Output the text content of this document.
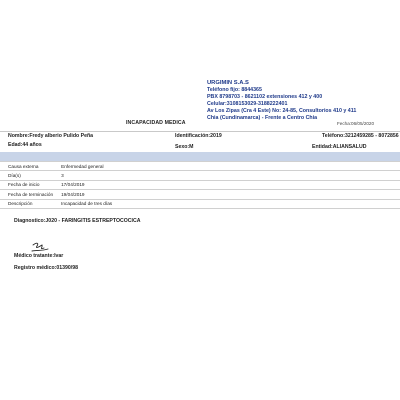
URGIMIN S.A.S
Teléfono fijo: 8844365
PBX 8798703 - 8621102 extensiones 412 y 400
Celular:3108153029-3188222401
Av Los Zipas (Cra 4 Este) No: 24-85, Consultorios 410 y 411
Chia (Cundinamarca) - Frente a Centro Chia
INCAPACIDAD MEDICA	Fecha:06/05/2020
Nombre:Fredy alberio Pulido Peña	Identificación:2019	Teléfono:3212459285 - 8072856
Edad:44 años	Sexo:M	Entidad:ALIANSALUD
Causa externa	Enfermedad general
Día(s)	3
Fecha de inicio	17/04/2019
Fecha de terminación	19/04/2019
Descripción	Incapacidad de tres días
Diagnostico:J020 - FARINGITIS ESTREPTOCOCICA
Médico tratante:Ivar
Registro médico:01390/98
